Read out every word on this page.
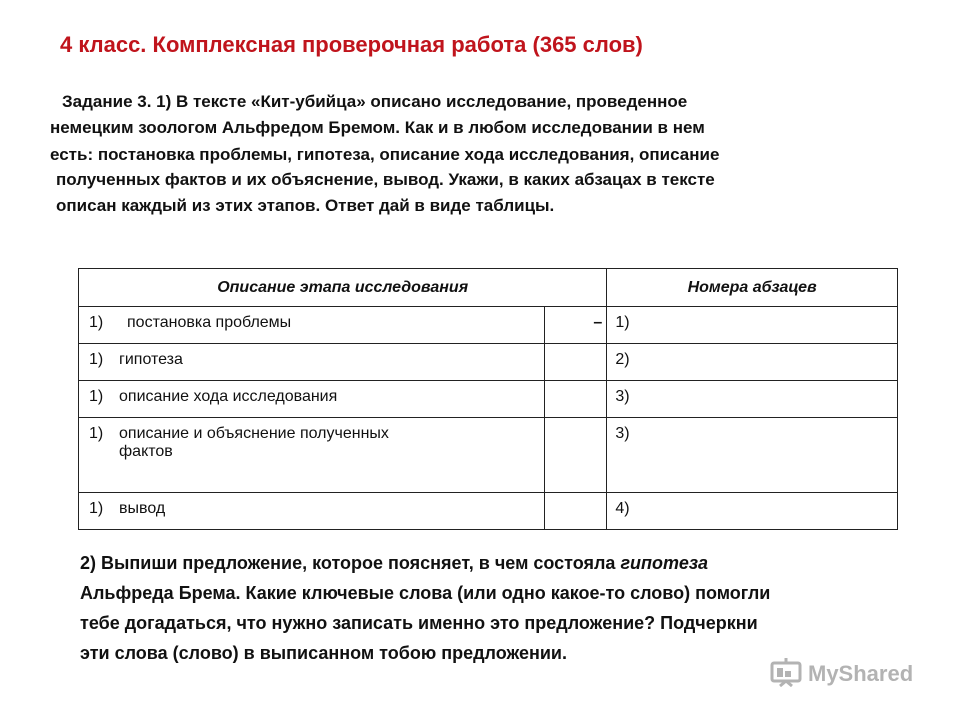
4 класс. Комплексная проверочная работа (365 слов)
Задание 3. 1) В тексте «Кит-убийца» описано исследование, проведенное
немецким зоологом Альфредом Бремом. Как и в любом исследовании в нем
есть: постановка проблемы, гипотеза, описание хода исследования, описание
полученных фактов и их объяснение, вывод. Укажи, в каких абзацах в тексте
описан каждый из этих этапов. Ответ дай в виде таблицы.
Описание этапа исследования		Номера абзацев
1) постановка проблемы	–	1)
1) гипотеза		2)
1) описание хода исследования		3)

1) описание и объяснение полученных
фактов		3)
1) вывод		4)
2) Выпиши предложение, которое поясняет, в чем состояла гипотеза
Альфреда Брема. Какие ключевые слова (или одно какое-то слово) помогли
тебе догадаться, что нужно записать именно это предложение? Подчеркни
эти слова (слово) в выписанном тобою предложении.
MyShared
